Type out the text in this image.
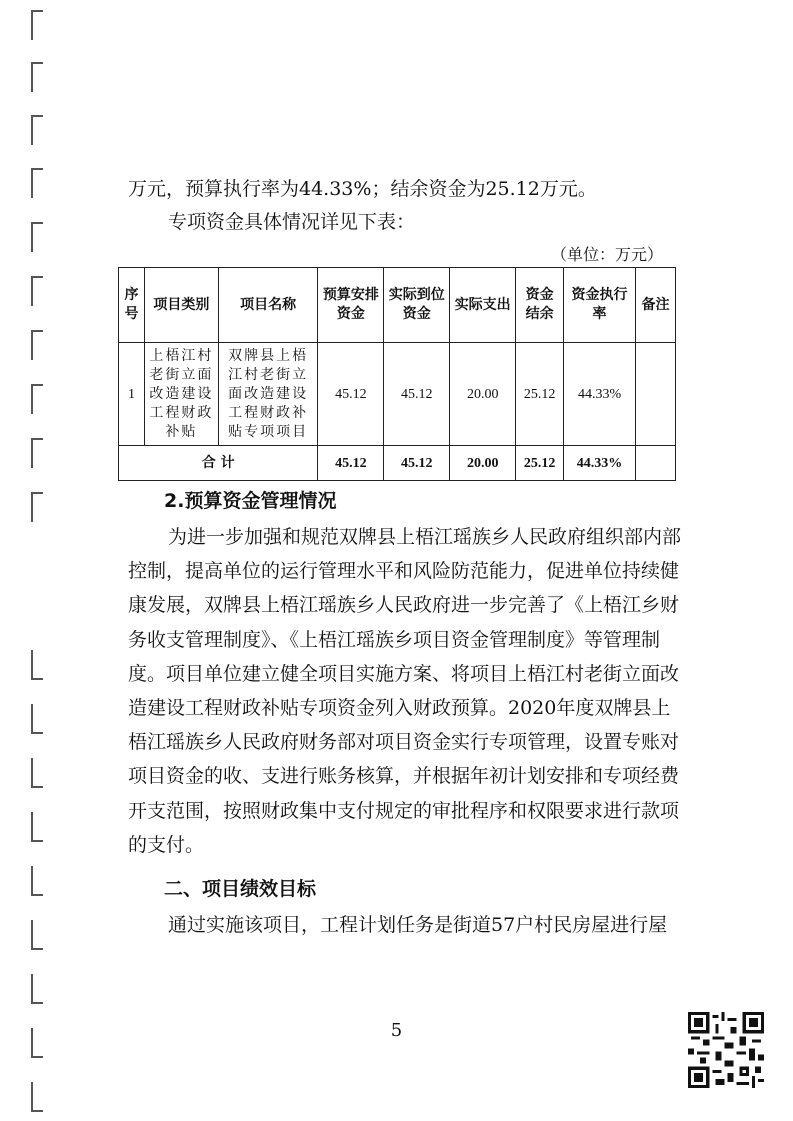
万元，预算执行率为44.33%；结余资金为25.12万元。

专项资金具体情况详见下表：

（单位：万元）
序号	项目类别	项目名称	预算安排资金	实际到位资金	实际支出	资金结余	资金执行率	备注
1	上梧江村老街立面改造建设工程财政补贴	双牌县上梧江村老街立面改造建设工程财政补贴专项项目	45.12	45.12	20.00	25.12	44.33%	
合 计			45.12	45.12	20.00	25.12	44.33%	
2.预算资金管理情况

为进一步加强和规范双牌县上梧江瑶族乡人民政府组织部内部控制，提高单位的运行管理水平和风险防范能力，促进单位持续健康发展，双牌县上梧江瑶族乡人民政府进一步完善了《上梧江乡财务收支管理制度》、《上梧江瑶族乡项目资金管理制度》等管理制度。项目单位建立健全项目实施方案、将项目上梧江村老街立面改造建设工程财政补贴专项资金列入财政预算。2020年度双牌县上梧江瑶族乡人民政府财务部对项目资金实行专项管理，设置专账对项目资金的收、支进行账务核算，并根据年初计划安排和专项经费开支范围，按照财政集中支付规定的审批程序和权限要求进行款项的支付。

二、项目绩效目标

通过实施该项目，工程计划任务是街道57户村民房屋进行屋

5
